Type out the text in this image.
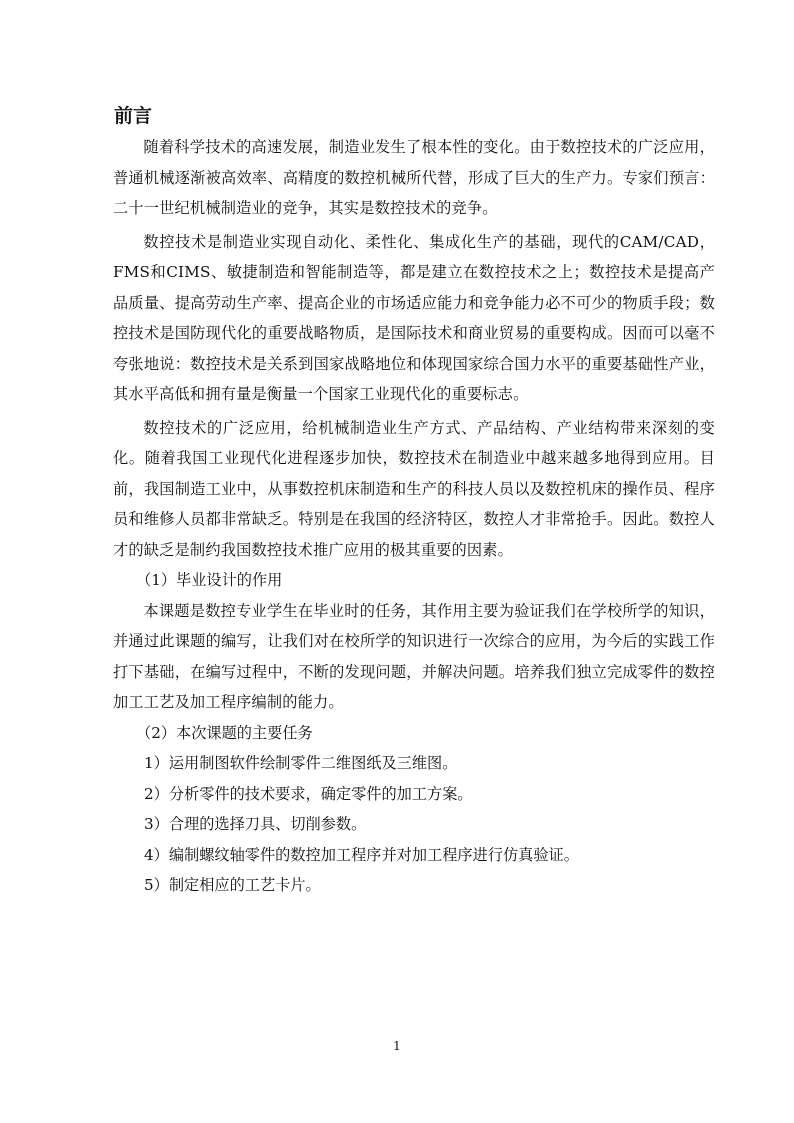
前言

随着科学技术的高速发展，制造业发生了根本性的变化。由于数控技术的广泛应用，普通机械逐渐被高效率、高精度的数控机械所代替，形成了巨大的生产力。专家们预言：二十一世纪机械制造业的竞争，其实是数控技术的竞争。

数控技术是制造业实现自动化、柔性化、集成化生产的基础，现代的CAM/CAD，FMS和CIMS、敏捷制造和智能制造等，都是建立在数控技术之上；数控技术是提高产品质量、提高劳动生产率、提高企业的市场适应能力和竞争能力必不可少的物质手段；数控技术是国防现代化的重要战略物质，是国际技术和商业贸易的重要构成。因而可以毫不夸张地说：数控技术是关系到国家战略地位和体现国家综合国力水平的重要基础性产业，其水平高低和拥有量是衡量一个国家工业现代化的重要标志。

数控技术的广泛应用，给机械制造业生产方式、产品结构、产业结构带来深刻的变化。随着我国工业现代化进程逐步加快，数控技术在制造业中越来越多地得到应用。目前，我国制造工业中，从事数控机床制造和生产的科技人员以及数控机床的操作员、程序员和维修人员都非常缺乏。特别是在我国的经济特区，数控人才非常抢手。因此。数控人才的缺乏是制约我国数控技术推广应用的极其重要的因素。

（1）毕业设计的作用

本课题是数控专业学生在毕业时的任务，其作用主要为验证我们在学校所学的知识，并通过此课题的编写，让我们对在校所学的知识进行一次综合的应用，为今后的实践工作打下基础，在编写过程中，不断的发现问题，并解决问题。培养我们独立完成零件的数控加工工艺及加工程序编制的能力。

（2）本次课题的主要任务

1）运用制图软件绘制零件二维图纸及三维图。

2）分析零件的技术要求，确定零件的加工方案。

3）合理的选择刀具、切削参数。

4）编制螺纹轴零件的数控加工程序并对加工程序进行仿真验证。

5）制定相应的工艺卡片。

1
